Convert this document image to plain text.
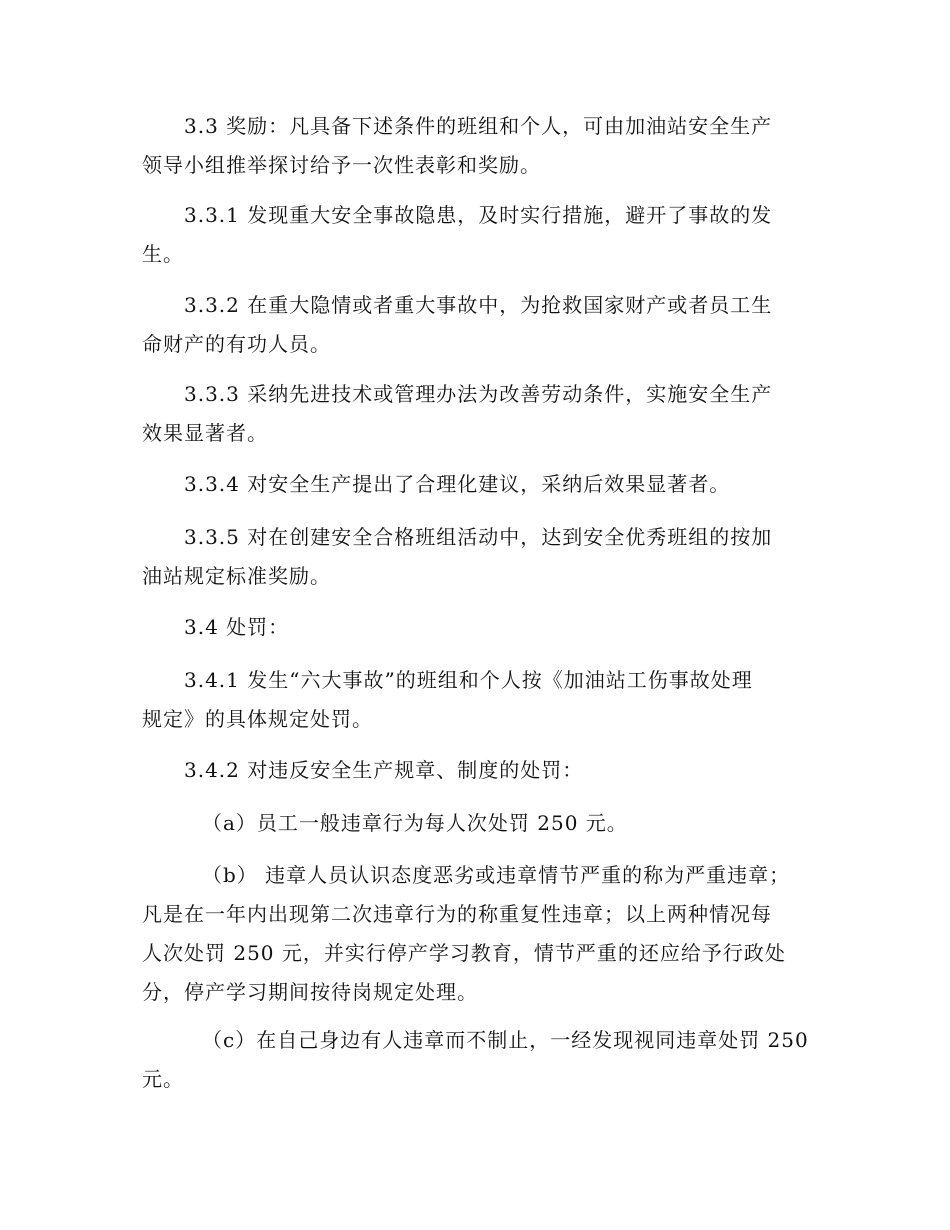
3.3 奖励：凡具备下述条件的班组和个人，可由加油站安全生产
领导小组推举探讨给予一次性表彰和奖励。

3.3.1 发现重大安全事故隐患，及时实行措施，避开了事故的发
生。

3.3.2 在重大隐情或者重大事故中，为抢救国家财产或者员工生
命财产的有功人员。

3.3.3 采纳先进技术或管理办法为改善劳动条件，实施安全生产
效果显著者。

3.3.4 对安全生产提出了合理化建议，采纳后效果显著者。

3.3.5 对在创建安全合格班组活动中，达到安全优秀班组的按加
油站规定标准奖励。

3.4 处罚：

3.4.1 发生“六大事故”的班组和个人按《加油站工伤事故处理
规定》的具体规定处罚。

3.4.2 对违反安全生产规章、制度的处罚：

（a）员工一般违章行为每人次处罚 250 元。

（b） 违章人员认识态度恶劣或违章情节严重的称为严重违章；
凡是在一年内出现第二次违章行为的称重复性违章；以上两种情况每
人次处罚 250 元，并实行停产学习教育，情节严重的还应给予行政处
分，停产学习期间按待岗规定处理。

（c）在自己身边有人违章而不制止，一经发现视同违章处罚 250
元。
